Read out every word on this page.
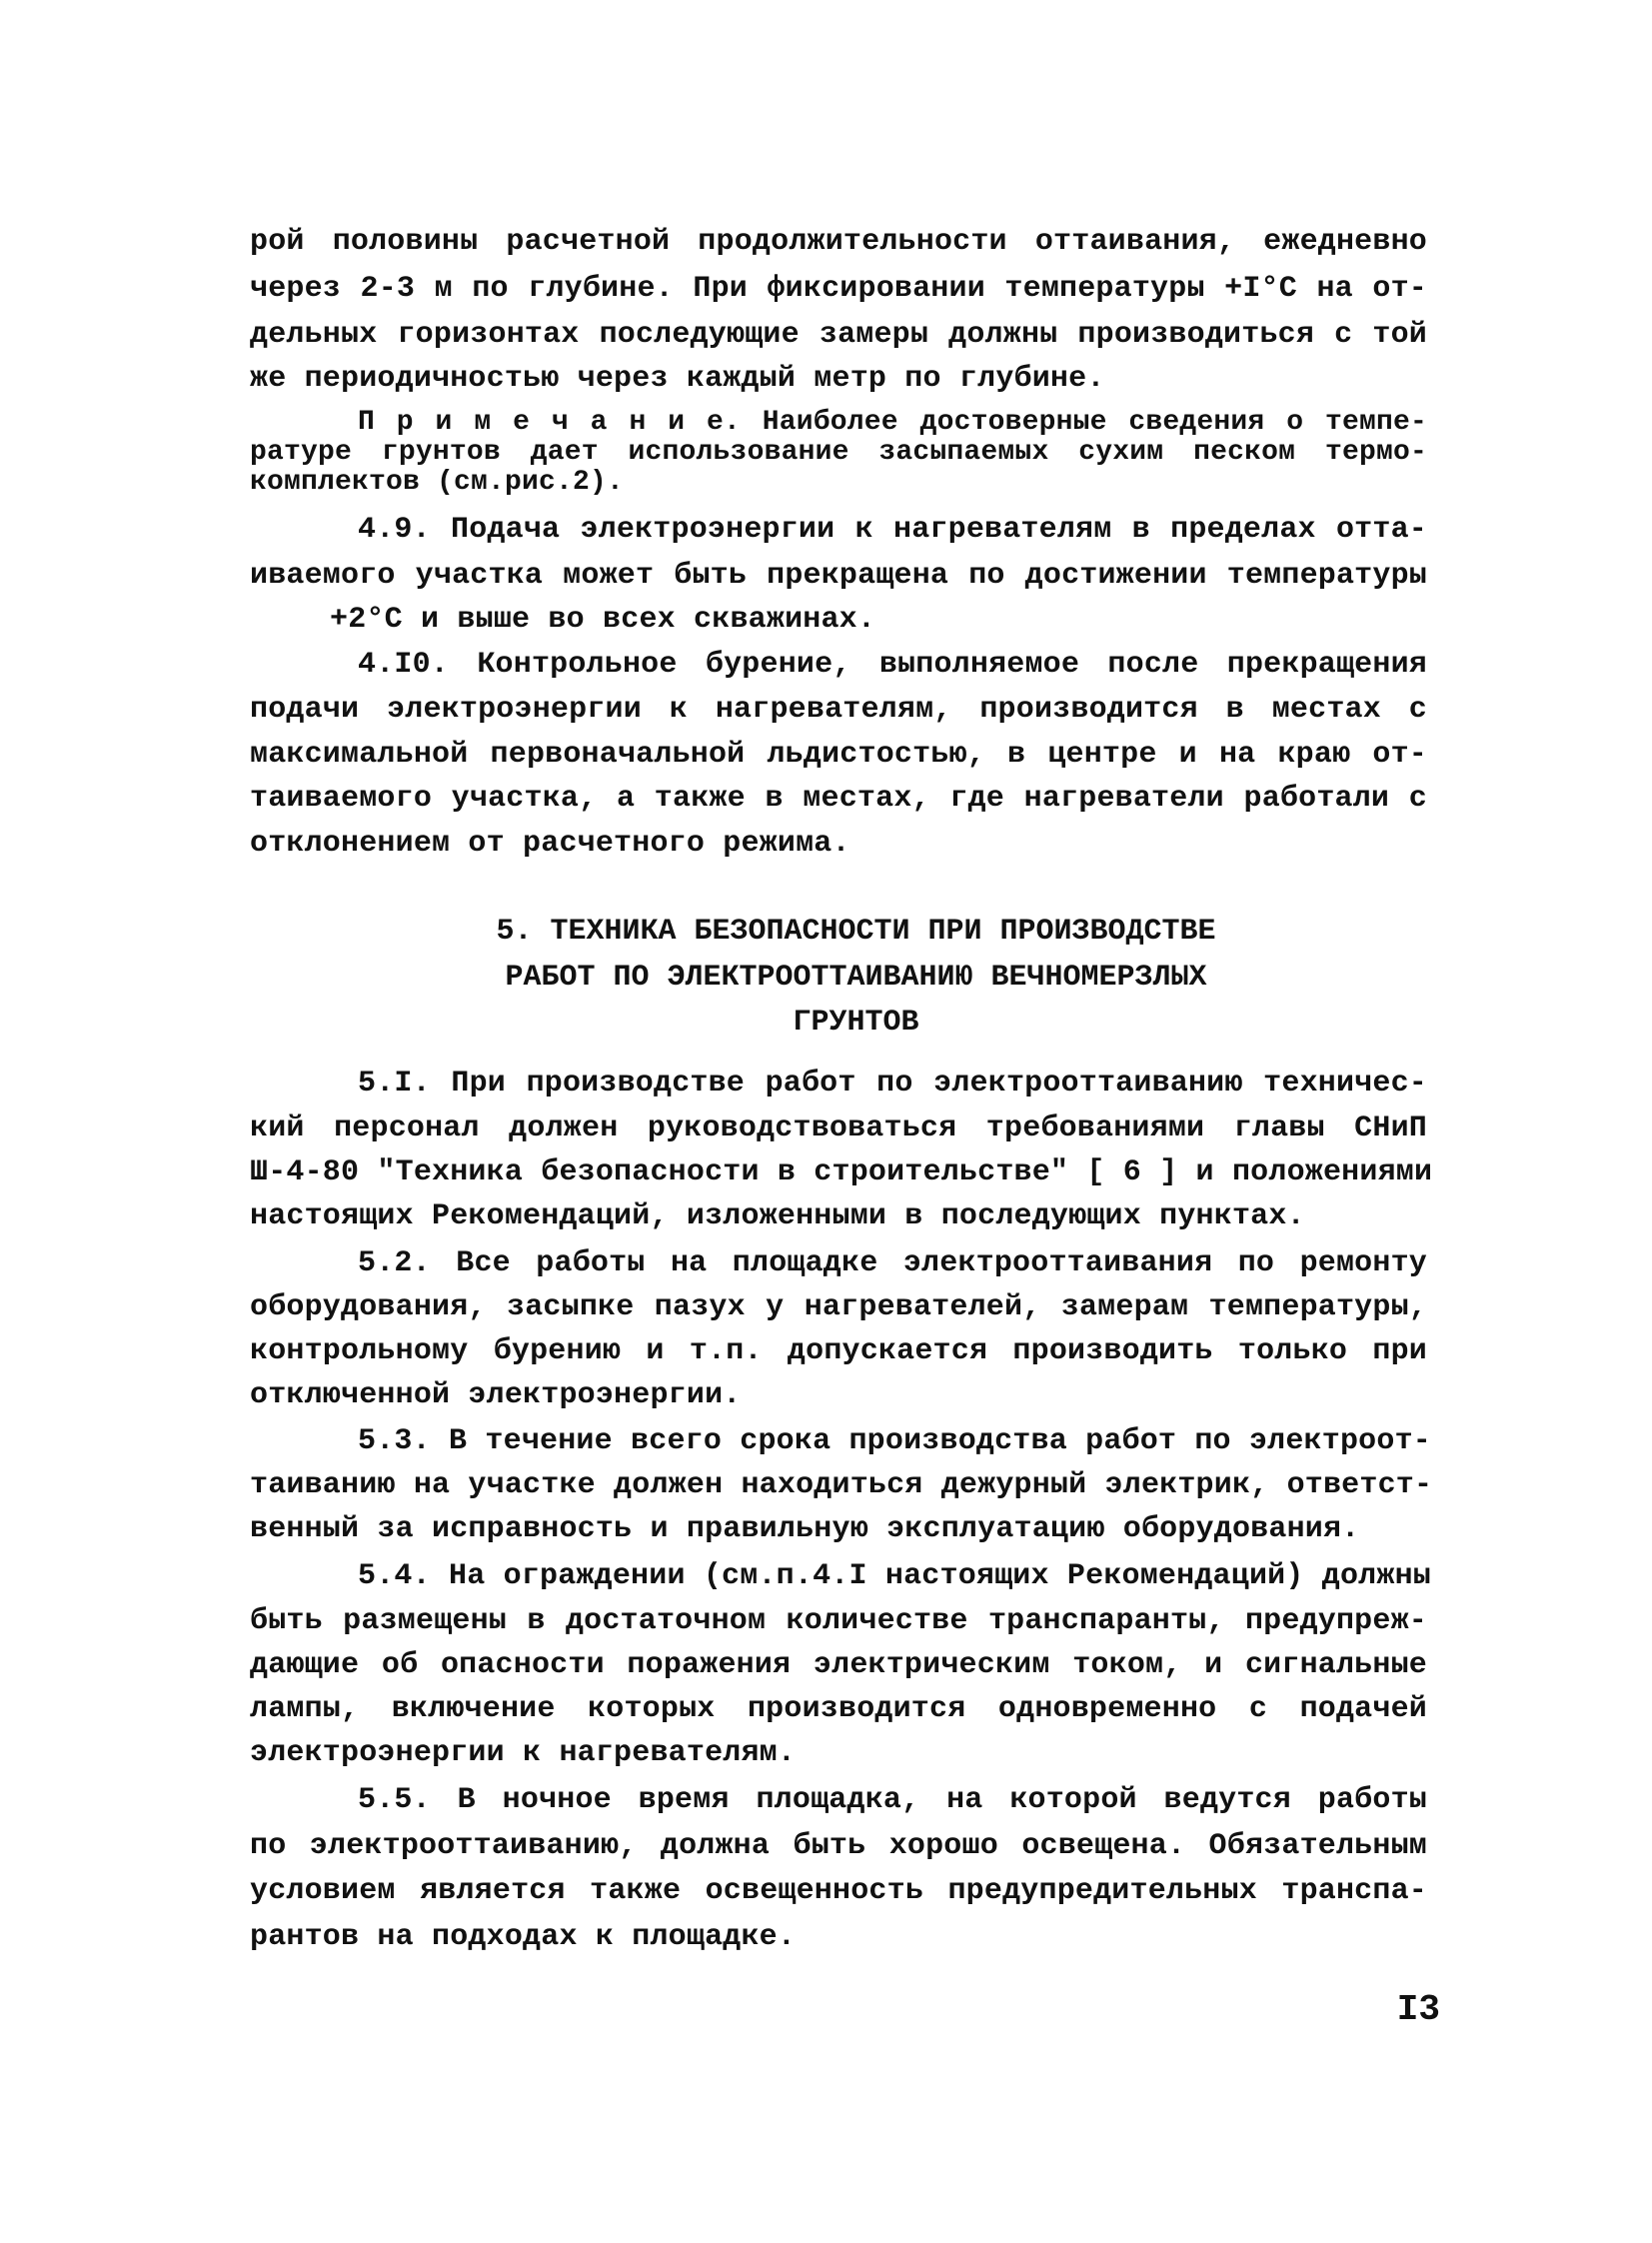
рой половины расчетной продолжительности оттаивания, ежедневно
через 2-3 м по глубине. При фиксировании температуры +I°C на от-
дельных горизонтах последующие замеры должны производиться с той
же периодичностью через каждый метр по глубине.
П р и м е ч а н и е. Наиболее достоверные сведения о темпе-
ратуре грунтов дает использование засыпаемых сухим песком термо-
комплектов (см.рис.2).
4.9. Подача электроэнергии к нагревателям в пределах отта-
иваемого участка может быть прекращена по достижении температуры
+2°C и выше во всех скважинах.
4.I0. Контрольное бурение, выполняемое после прекращения
подачи электроэнергии к нагревателям, производится в местах с
максимальной первоначальной льдистостью, в центре и на краю от-
таиваемого участка, а также в местах, где нагреватели работали с
отклонением от расчетного режима.
5. ТЕХНИКА БЕЗОПАСНОСТИ ПРИ ПРОИЗВОДСТВЕ
РАБОТ ПО ЭЛЕКТРООТТАИВАНИЮ ВЕЧНОМЕРЗЛЫХ
ГРУНТОВ
5.I. При производстве работ по электрооттаиванию техничес-
кий персонал должен руководствоваться требованиями главы СНиП
Ш-4-80 "Техника безопасности в строительстве" [ 6 ] и положениями
настоящих Рекомендаций, изложенными в последующих пунктах.
5.2. Все работы на площадке электрооттаивания по ремонту
оборудования, засыпке пазух у нагревателей, замерам температуры,
контрольному бурению и т.п. допускается производить только при
отключенной электроэнергии.
5.3. В течение всего срока производства работ по электроот-
таиванию на участке должен находиться дежурный электрик, ответст-
венный за исправность и правильную эксплуатацию оборудования.
5.4. На ограждении (см.п.4.I настоящих Рекомендаций) должны
быть размещены в достаточном количестве транспаранты, предупреж-
дающие об опасности поражения электрическим током, и сигнальные
лампы, включение которых производится одновременно с подачей
электроэнергии к нагревателям.
5.5. В ночное время площадка, на которой ведутся работы
по электрооттаиванию, должна быть хорошо освещена. Обязательным
условием является также освещенность предупредительных транспа-
рантов на подходах к площадке.
I3
